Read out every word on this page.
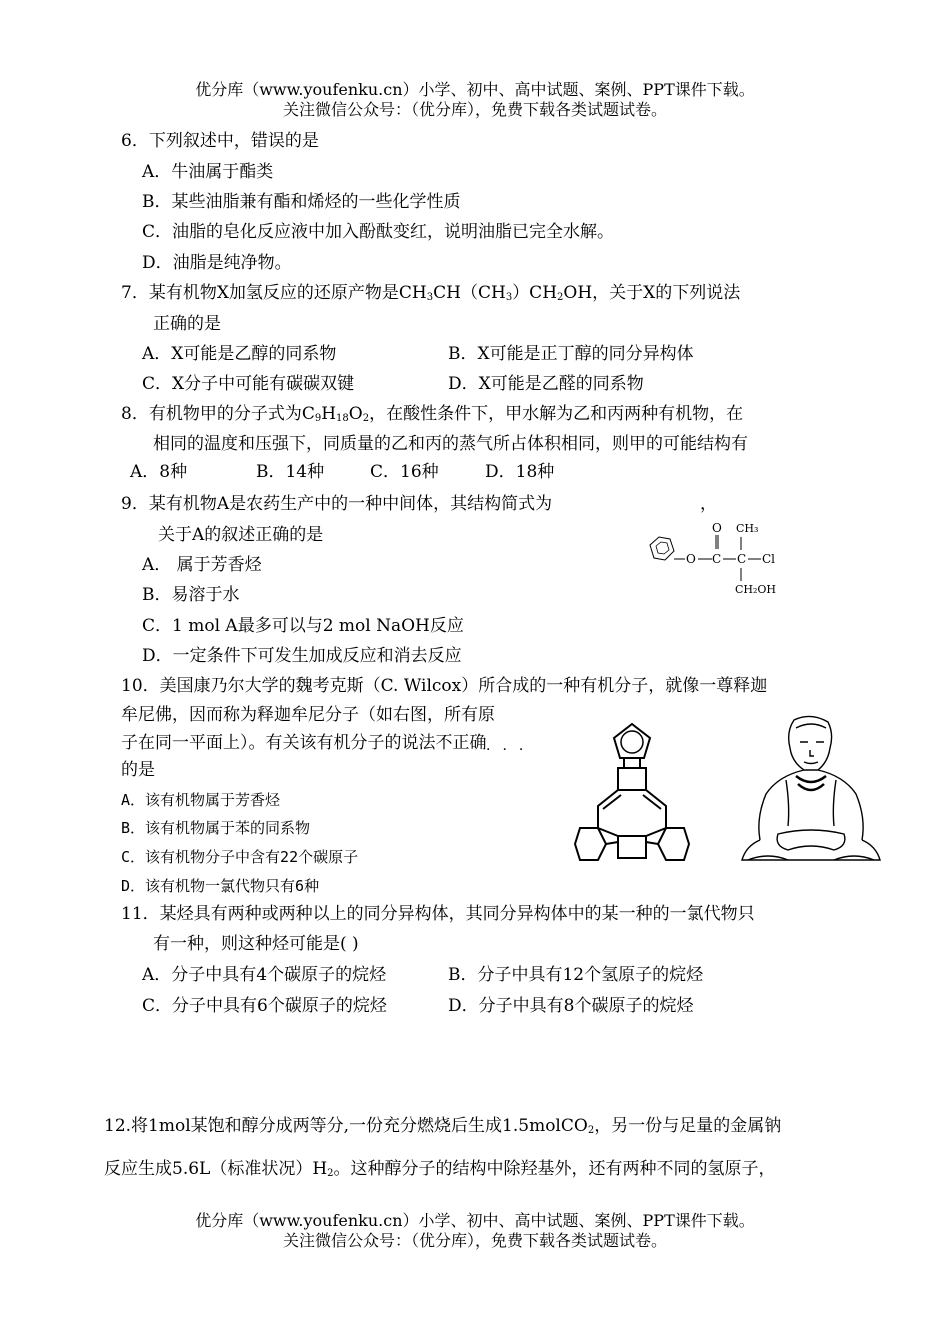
优分库（www.youfenku.cn）小学、初中、高中试题、案例、PPT课件下载。
关注微信公众号：（优分库），免费下载各类试题试卷。
6．下列叙述中，错误的是
A．牛油属于酯类
B．某些油脂兼有酯和烯烃的一些化学性质
C．油脂的皂化反应液中加入酚酞变红，说明油脂已完全水解。
D．油脂是纯净物。
7．某有机物X加氢反应的还原产物是$CH_3CH(CH_3)CH_2OH$，关于X的下列说法
正确的是
A．X可能是乙醇的同系物	B．X可能是正丁醇的同分异构体
C．X分子中可能有碳碳双键	D．X可能是乙醛的同系物
8．有机物甲的分子式为$C_9H_{18}O_2$，在酸性条件下，甲水解为乙和丙两种有机物，在
相同的温度和压强下，同质量的乙和丙的蒸气所占体积相同，则甲的可能结构有
A．8种	B．14种	C．16种	D．18种
9．某有机物A是农药生产中的一种中间体，其结构简式为	，
关于A的叙述正确的是
A． 属于芳香烃
B．易溶于水
C．1 mol A最多可以与2 mol NaOH反应
D．一定条件下可发生加成反应和消去反应
O CH₃
O C C Cl
CH₂OH
10．美国康乃尔大学的魏考克斯（C. Wilcox）所合成的一种有机分子，就像一尊释迦
牟尼佛，因而称为释迦牟尼分子（如右图，所有原
子在同一平面上）。有关该有机分子的说法不正确 ···
的是
A．该有机物属于芳香烃
B．该有机物属于苯的同系物
C．该有机物分子中含有22个碳原子
D．该有机物一氯代物只有6种
11．某烃具有两种或两种以上的同分异构体，其同分异构体中的某一种的一氯代物只
有一种，则这种烃可能是( )
A．分子中具有4个碳原子的烷烃	B．分子中具有12个氢原子的烷烃
C．分子中具有6个碳原子的烷烃	D．分子中具有8个碳原子的烷烃
12.将1mol某饱和醇分成两等分,一份充分燃烧后生成1.5molCO$_2$，另一份与足量的金属钠
反应生成5.6L（标准状况）$H_2$。这种醇分子的结构中除羟基外，还有两种不同的氢原子，
优分库（www.youfenku.cn）小学、初中、高中试题、案例、PPT课件下载。
关注微信公众号：（优分库），免费下载各类试题试卷。
